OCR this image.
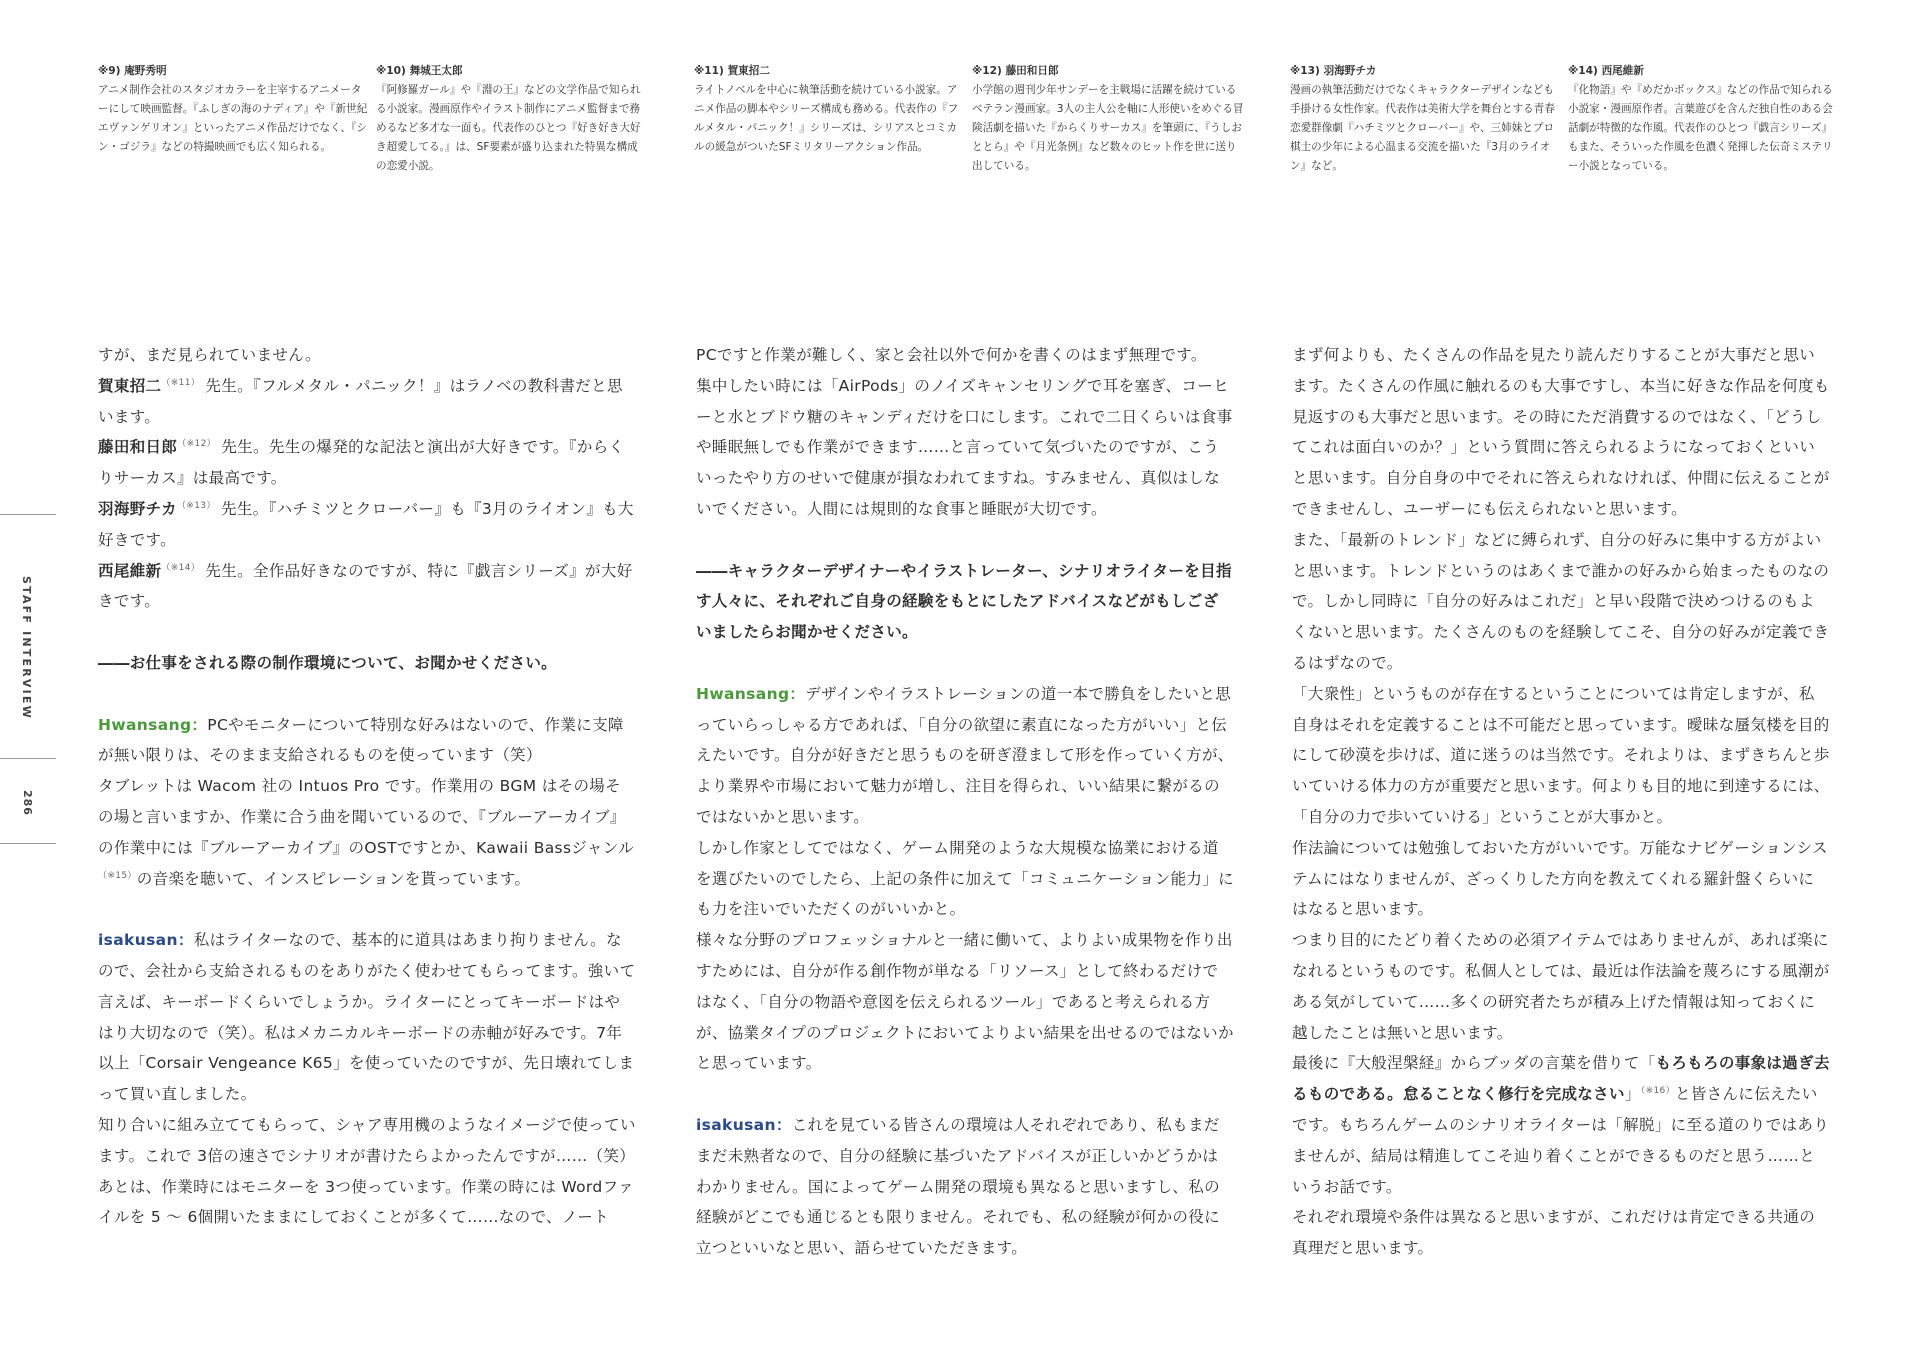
STAFF INTERVIEW
286
※9) 庵野秀明
アニメ制作会社のスタジオカラーを主宰するアニメーターにして映画監督。『ふしぎの海のナディア』や『新世紀エヴァンゲリオン』といったアニメ作品だけでなく、『シン・ゴジラ』などの特撮映画でも広く知られる。
※10) 舞城王太郎
『阿修羅ガール』や『淵の王』などの文学作品で知られる小説家。漫画原作やイラスト制作にアニメ監督まで務めるなど多才な一面も。代表作のひとつ『好き好き大好き超愛してる。』は、SF要素が盛り込まれた特異な構成の恋愛小説。
※11) 賀東招二
ライトノベルを中心に執筆活動を続けている小説家。アニメ作品の脚本やシリーズ構成も務める。代表作の『フルメタル・パニック！』シリーズは、シリアスとコミカルの緩急がついたSFミリタリーアクション作品。
※12) 藤田和日郎
小学館の週刊少年サンデーを主戦場に活躍を続けているベテラン漫画家。3人の主人公を軸に人形使いをめぐる冒険活劇を描いた『からくりサーカス』を筆頭に、『うしおととら』や『月光条例』など数々のヒット作を世に送り出している。
※13) 羽海野チカ
漫画の執筆活動だけでなくキャラクターデザインなども手掛ける女性作家。代表作は美術大学を舞台とする青春恋愛群像劇『ハチミツとクローバー』や、三姉妹とプロ棋士の少年による心温まる交流を描いた『3月のライオン』など。
※14) 西尾維新
『化物語』や『めだかボックス』などの作品で知られる小説家・漫画原作者。言葉遊びを含んだ独自性のある会話劇が特徴的な作風。代表作のひとつ『戯言シリーズ』もまた、そういった作風を色濃く発揮した伝奇ミステリー小説となっている。

すが、まだ見られていません。

賀東招二$^{(※11)}$ 先生。『フルメタル・パニック！』はラノベの教科書だと思います。

藤田和日郎$^{(※12)}$ 先生。先生の爆発的な記法と演出が大好きです。『からくりサーカス』は最高です。

羽海野チカ$^{(※13)}$ 先生。『ハチミツとクローバー』も『3月のライオン』も大好きです。

西尾維新$^{(※14)}$ 先生。全作品好きなのですが、特に『戯言シリーズ』が大好きです。

――お仕事をされる際の制作環境について、お聞かせください。

Hwansang：PCやモニターについて特別な好みはないので、作業に支障が無い限りは、そのまま支給されるものを使っています（笑）

タブレットは Wacom 社の Intuos Pro です。作業用の BGM はその場その場と言いますか、作業に合う曲を聞いているので、『ブルーアーカイブ』の作業中には『ブルーアーカイブ』のOSTですとか、Kawaii Bassジャンル$^{(※15)}$の音楽を聴いて、インスピレーションを貰っています。

isakusan：私はライターなので、基本的に道具はあまり拘りません。なので、会社から支給されるものをありがたく使わせてもらってます。強いて言えば、キーボードくらいでしょうか。ライターにとってキーボードはやはり大切なので（笑）。私はメカニカルキーボードの赤軸が好みです。7年以上「Corsair Vengeance K65」を使っていたのですが、先日壊れてしまって買い直しました。

知り合いに組み立ててもらって、シャア専用機のようなイメージで使っています。これで 3倍の速さでシナリオが書けたらよかったんですが……（笑）

あとは、作業時にはモニターを 3つ使っています。作業の時には Wordファイルを 5 〜 6個開いたままにしておくことが多くて……なので、ノート

PCですと作業が難しく、家と会社以外で何かを書くのはまず無理です。

集中したい時には「AirPods」のノイズキャンセリングで耳を塞ぎ、コーヒーと水とブドウ糖のキャンディだけを口にします。これで二日くらいは食事や睡眠無しでも作業ができます……と言っていて気づいたのですが、こういったやり方のせいで健康が損なわれてますね。すみません、真似はしないでください。人間には規則的な食事と睡眠が大切です。

――キャラクターデザイナーやイラストレーター、シナリオライターを目指す人々に、それぞれご自身の経験をもとにしたアドバイスなどがもしございましたらお聞かせください。

Hwansang：デザインやイラストレーションの道一本で勝負をしたいと思っていらっしゃる方であれば、「自分の欲望に素直になった方がいい」と伝えたいです。自分が好きだと思うものを研ぎ澄まして形を作っていく方が、より業界や市場において魅力が増し、注目を得られ、いい結果に繋がるのではないかと思います。

しかし作家としてではなく、ゲーム開発のような大規模な協業における道を選びたいのでしたら、上記の条件に加えて「コミュニケーション能力」にも力を注いでいただくのがいいかと。

様々な分野のプロフェッショナルと一緒に働いて、よりよい成果物を作り出すためには、自分が作る創作物が単なる「リソース」として終わるだけではなく、「自分の物語や意図を伝えられるツール」であると考えられる方が、協業タイプのプロジェクトにおいてよりよい結果を出せるのではないかと思っています。

isakusan：これを見ている皆さんの環境は人それぞれであり、私もまだまだ未熟者なので、自分の経験に基づいたアドバイスが正しいかどうかはわかりません。国によってゲーム開発の環境も異なると思いますし、私の経験がどこでも通じるとも限りません。それでも、私の経験が何かの役に立つといいなと思い、語らせていただきます。

まず何よりも、たくさんの作品を見たり読んだりすることが大事だと思います。たくさんの作風に触れるのも大事ですし、本当に好きな作品を何度も見返すのも大事だと思います。その時にただ消費するのではなく、「どうしてこれは面白いのか？」という質問に答えられるようになっておくといいと思います。自分自身の中でそれに答えられなければ、仲間に伝えることができませんし、ユーザーにも伝えられないと思います。

また、「最新のトレンド」などに縛られず、自分の好みに集中する方がよいと思います。トレンドというのはあくまで誰かの好みから始まったものなので。しかし同時に「自分の好みはこれだ」と早い段階で決めつけるのもよくないと思います。たくさんのものを経験してこそ、自分の好みが定義できるはずなので。

「大衆性」というものが存在するということについては肯定しますが、私自身はそれを定義することは不可能だと思っています。曖昧な蜃気楼を目的にして砂漠を歩けば、道に迷うのは当然です。それよりは、まずきちんと歩いていける体力の方が重要だと思います。何よりも目的地に到達するには、「自分の力で歩いていける」ということが大事かと。

作法論については勉強しておいた方がいいです。万能なナビゲーションシステムにはなりませんが、ざっくりした方向を教えてくれる羅針盤くらいにはなると思います。

つまり目的にたどり着くための必須アイテムではありませんが、あれば楽になれるというものです。私個人としては、最近は作法論を蔑ろにする風潮がある気がしていて……多くの研究者たちが積み上げた情報は知っておくに越したことは無いと思います。

最後に『大般涅槃経』からブッダの言葉を借りて「もろもろの事象は過ぎ去るものである。怠ることなく修行を完成なさい」$^{(※16)}$と皆さんに伝えたいです。もちろんゲームのシナリオライターは「解脱」に至る道のりではありませんが、結局は精進してこそ辿り着くことができるものだと思う……というお話です。

それぞれ環境や条件は異なると思いますが、これだけは肯定できる共通の真理だと思います。
